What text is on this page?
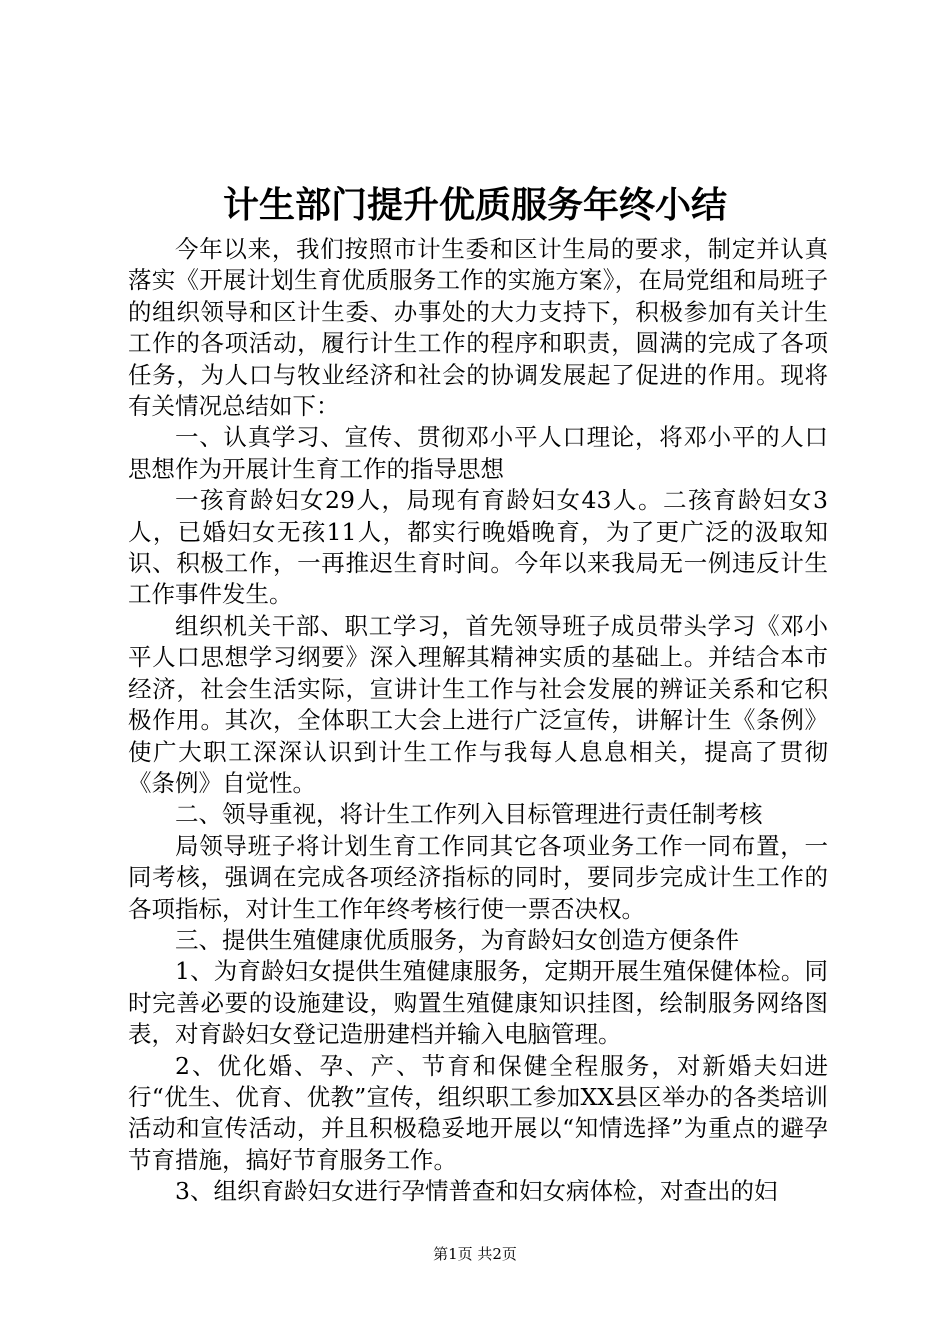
计生部门提升优质服务年终小结

今年以来，我们按照市计生委和区计生局的要求，制定并认真落实《开展计划生育优质服务工作的实施方案》，在局党组和局班子的组织领导和区计生委、办事处的大力支持下，积极参加有关计生工作的各项活动，履行计生工作的程序和职责，圆满的完成了各项任务，为人口与牧业经济和社会的协调发展起了促进的作用。现将有关情况总结如下：

一、认真学习、宣传、贯彻邓小平人口理论，将邓小平的人口思想作为开展计生育工作的指导思想

一孩育龄妇女29人，局现有育龄妇女43人。二孩育龄妇女3人，已婚妇女无孩11人，都实行晚婚晚育，为了更广泛的汲取知识、积极工作，一再推迟生育时间。今年以来我局无一例违反计生工作事件发生。

组织机关干部、职工学习，首先领导班子成员带头学习《邓小平人口思想学习纲要》深入理解其精神实质的基础上。并结合本市经济，社会生活实际，宣讲计生工作与社会发展的辨证关系和它积极作用。其次，全体职工大会上进行广泛宣传，讲解计生《条例》使广大职工深深认识到计生工作与我每人息息相关，提高了贯彻《条例》自觉性。

二、领导重视，将计生工作列入目标管理进行责任制考核

局领导班子将计划生育工作同其它各项业务工作一同布置，一同考核，强调在完成各项经济指标的同时，要同步完成计生工作的各项指标，对计生工作年终考核行使一票否决权。

三、提供生殖健康优质服务，为育龄妇女创造方便条件

1、为育龄妇女提供生殖健康服务，定期开展生殖保健体检。同时完善必要的设施建设，购置生殖健康知识挂图，绘制服务网络图表，对育龄妇女登记造册建档并输入电脑管理。

2、优化婚、孕、产、节育和保健全程服务，对新婚夫妇进行“优生、优育、优教”宣传，组织职工参加XX县区举办的各类培训活动和宣传活动，并且积极稳妥地开展以“知情选择”为重点的避孕节育措施，搞好节育服务工作。

3、组织育龄妇女进行孕情普查和妇女病体检，对查出的妇

第1页 共2页
